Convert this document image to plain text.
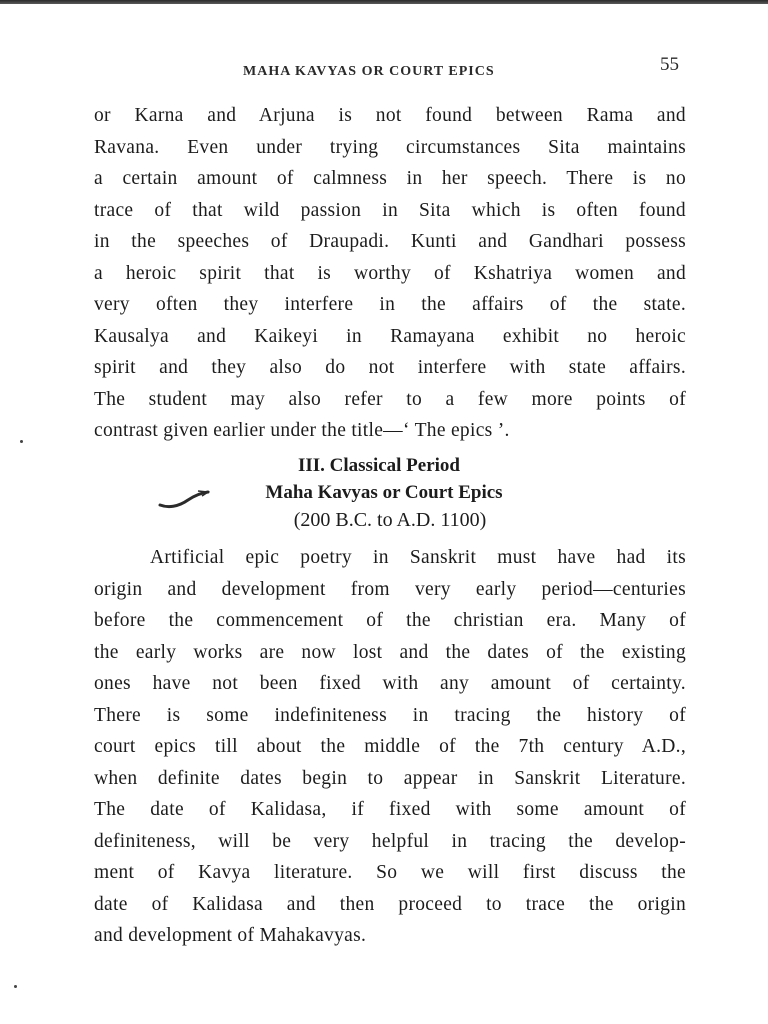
MAHA KAVYAS OR COURT EPICS	55

or Karna and Arjuna is not found between Rama and
Ravana. Even under trying circumstances Sita maintains
a certain amount of calmness in her speech. There is no
trace of that wild passion in Sita which is often found
in the speeches of Draupadi. Kunti and Gandhari possess
a heroic spirit that is worthy of Kshatriya women and
very often they interfere in the affairs of the state.
Kausalya and Kaikeyi in Ramayana exhibit no heroic
spirit and they also do not interfere with state affairs.
The student may also refer to a few more points of
contrast given earlier under the title—‘ The epics ’.

III. Classical Period
Maha Kavyas or Court Epics
(200 B.C. to A.D. 1100)

Artificial epic poetry in Sanskrit must have had its
origin and development from very early period—centuries
before the commencement of the christian era. Many of
the early works are now lost and the dates of the existing
ones have not been fixed with any amount of certainty.
There is some indefiniteness in tracing the history of
court epics till about the middle of the 7th century A.D.,
when definite dates begin to appear in Sanskrit Literature.
The date of Kalidasa, if fixed with some amount of
definiteness, will be very helpful in tracing the develop-
ment of Kavya literature. So we will first discuss the
date of Kalidasa and then proceed to trace the origin
and development of Mahakavyas.
